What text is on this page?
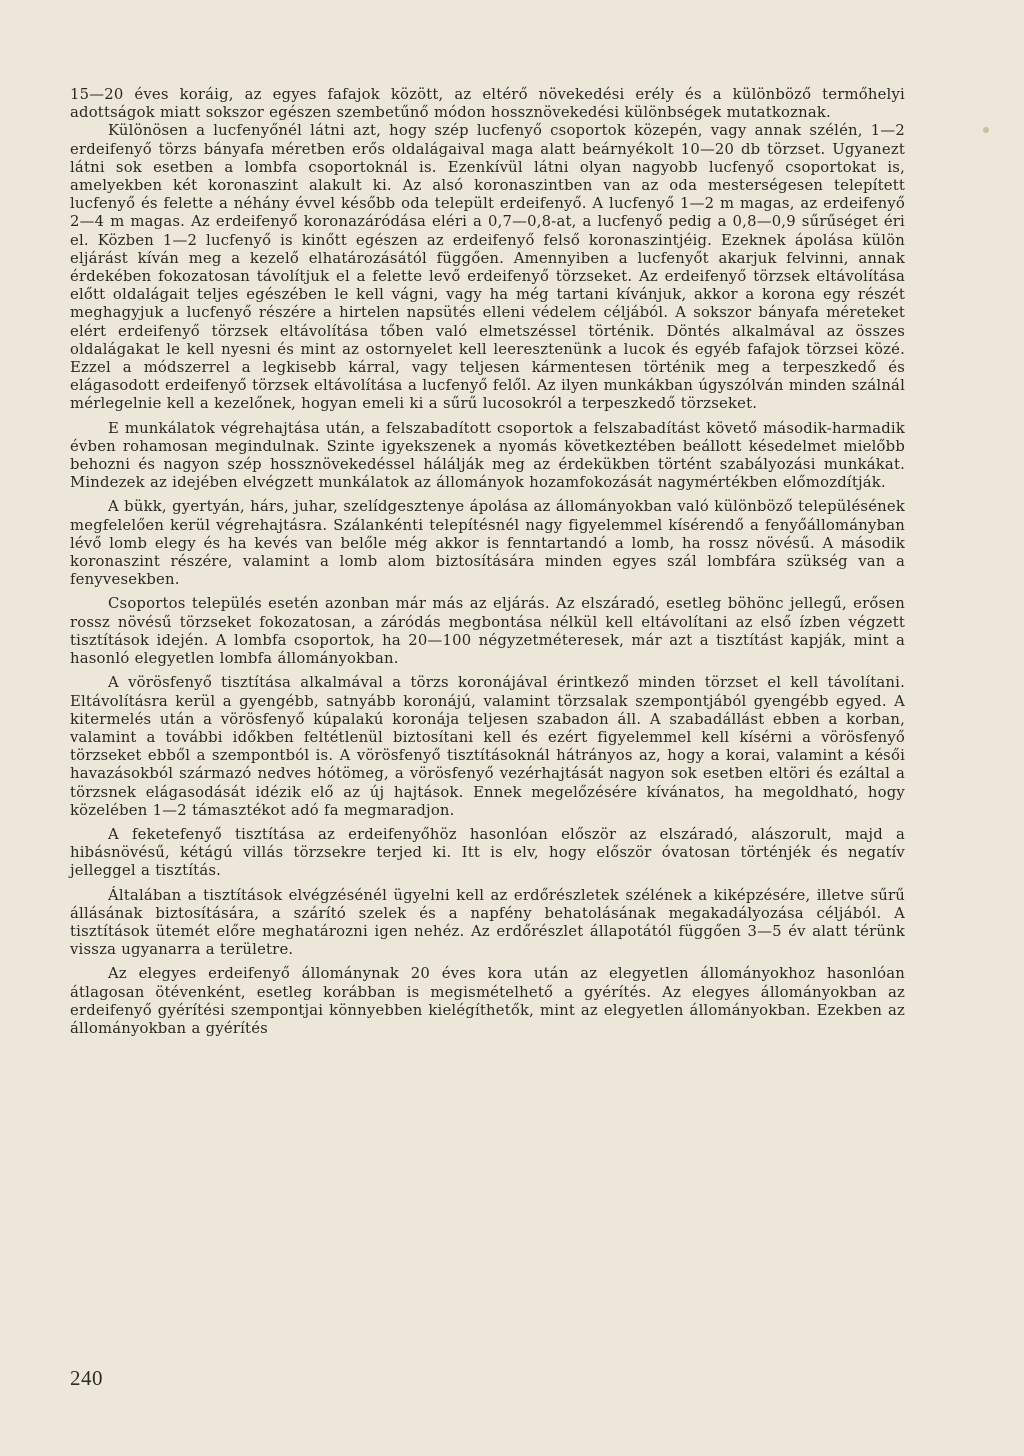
15—20 éves koráig, az egyes fafajok között, az eltérő növekedési erély és a különböző termőhelyi adottságok miatt sokszor egészen szembetűnő módon hossznövekedési különbségek mutatkoznak.

Különösen a lucfenyőnél látni azt, hogy szép lucfenyő csoportok közepén, vagy annak szélén, 1—2 erdeifenyő törzs bányafa méretben erős oldalágaival maga alatt beárnyékolt 10—20 db törzset. Ugyanezt látni sok esetben a lombfa csoportoknál is. Ezenkívül látni olyan nagyobb lucfenyő csoportokat is, amelyekben két koronaszint alakult ki. Az alsó koronaszintben van az oda mesterségesen telepített lucfenyő és felette a néhány évvel később oda települt erdeifenyő. A lucfenyő 1—2 m magas, az erdeifenyő 2—4 m magas. Az erdeifenyő koronazáródása eléri a 0,7—0,8-at, a lucfenyő pedig a 0,8—0,9 sűrűséget éri el. Közben 1—2 lucfenyő is kinőtt egészen az erdeifenyő felső koronaszintjéig. Ezeknek ápolása külön eljárást kíván meg a kezelő elhatározásától függően. Amennyiben a lucfenyőt akarjuk felvinni, annak érdekében fokozatosan távolítjuk el a felette levő erdeifenyő törzseket. Az erdeifenyő törzsek eltávolítása előtt oldalágait teljes egészében le kell vágni, vagy ha még tartani kívánjuk, akkor a korona egy részét meghagyjuk a lucfenyő részére a hirtelen napsütés elleni védelem céljából. A sokszor bányafa méreteket elért erdeifenyő törzsek eltávolítása tőben való elmetszéssel történik. Döntés alkalmával az összes oldalágakat le kell nyesni és mint az ostornyelet kell leeresztenünk a lucok és egyéb fafajok törzsei közé. Ezzel a módszerrel a legkisebb kárral, vagy teljesen kármentesen történik meg a terpeszkedő és elágasodott erdeifenyő törzsek eltávolítása a lucfenyő felől. Az ilyen munkákban úgyszólván minden szálnál mérlegelnie kell a kezelőnek, hogyan emeli ki a sűrű lucosokról a terpeszkedő törzseket.

E munkálatok végrehajtása után, a felszabadított csoportok a felszabadítást követő második-harmadik évben rohamosan megindulnak. Szinte igyekszenek a nyomás következtében beállott késedelmet mielőbb behozni és nagyon szép hossznövekedéssel hálálják meg az érdekükben történt szabályozási munkákat. Mindezek az idejében elvégzett munkálatok az állományok hozamfokozását nagymértékben előmozdítják.

A bükk, gyertyán, hárs, juhar, szelídgesztenye ápolása az állományokban való különböző településének megfelelően kerül végrehajtásra. Szálankénti telepítésnél nagy figyelemmel kísérendő a fenyőállományban lévő lomb elegy és ha kevés van belőle még akkor is fenntartandó a lomb, ha rossz növésű. A második koronaszint részére, valamint a lomb alom biztosítására minden egyes szál lombfára szükség van a fenyvesekben.

Csoportos település esetén azonban már más az eljárás. Az elszáradó, esetleg böhönc jellegű, erősen rossz növésű törzseket fokozatosan, a záródás megbontása nélkül kell eltávolítani az első ízben végzett tisztítások idején. A lombfa csoportok, ha 20—100 négyzetméteresek, már azt a tisztítást kapják, mint a hasonló elegyetlen lombfa állományokban.

A vörösfenyő tisztítása alkalmával a törzs koronájával érintkező minden törzset el kell távolítani. Eltávolításra kerül a gyengébb, satnyább koronájú, valamint törzsalak szempontjából gyengébb egyed. A kitermelés után a vörösfenyő kúpalakú koronája teljesen szabadon áll. A szabadállást ebben a korban, valamint a további időkben feltétlenül biztosítani kell és ezért figyelemmel kell kísérni a vörösfenyő törzseket ebből a szempontból is. A vörösfenyő tisztításoknál hátrányos az, hogy a korai, valamint a késői havazásokból származó nedves hótömeg, a vörösfenyő vezérhajtását nagyon sok esetben eltöri és ezáltal a törzsnek elágasodását idézik elő az új hajtások. Ennek megelőzésére kívánatos, ha megoldható, hogy közelében 1—2 támasztékot adó fa megmaradjon.

A feketefenyő tisztítása az erdeifenyőhöz hasonlóan először az elszáradó, alászorult, majd a hibásnövésű, kétágú villás törzsekre terjed ki. Itt is elv, hogy először óvatosan történjék és negatív jelleggel a tisztítás.

Általában a tisztítások elvégzésénél ügyelni kell az erdőrészletek szélének a kiképzésére, illetve sűrű állásának biztosítására, a szárító szelek és a napfény behatolásának megakadályozása céljából. A tisztítások ütemét előre meghatározni igen nehéz. Az erdőrészlet állapotától függően 3—5 év alatt térünk vissza ugyanarra a területre.

Az elegyes erdeifenyő állománynak 20 éves kora után az elegyetlen állományokhoz hasonlóan átlagosan ötévenként, esetleg korábban is megismételhető a gyérítés. Az elegyes állományokban az erdeifenyő gyérítési szempontjai könnyebben kielégíthetők, mint az elegyetlen állományokban. Ezekben az állományokban a gyérítés

240
